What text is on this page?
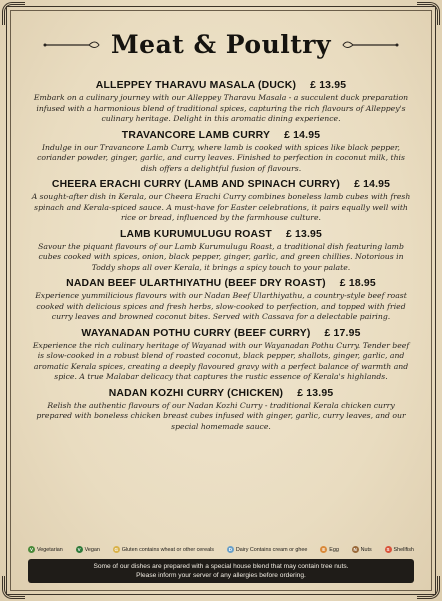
Meat & Poultry
ALLEPPEY THARAVU MASALA (DUCK) £ 13.95
Embark on a culinary journey with our Alleppey Tharavu Masala - a succulent duck preparation infused with a harmonious blend of traditional spices, capturing the rich flavours of Alleppey's culinary heritage. Delight in this aromatic dining experience.
TRAVANCORE LAMB CURRY £ 14.95
Indulge in our Travancore Lamb Curry, where lamb is cooked with spices like black pepper, coriander powder, ginger, garlic, and curry leaves. Finished to perfection in coconut milk, this dish offers a delightful fusion of flavours.
CHEERA ERACHI CURRY (LAMB AND SPINACH CURRY) £ 14.95
A sought-after dish in Kerala, our Cheera Erachi Curry combines boneless lamb cubes with fresh spinach and Kerala-spiced sauce. A must-have for Easter celebrations, it pairs equally well with rice or bread, influenced by the farmhouse culture.
LAMB KURUMULUGU ROAST £ 13.95
Savour the piquant flavours of our Lamb Kurumulugu Roast, a traditional dish featuring lamb cubes cooked with spices, onion, black pepper, ginger, garlic, and green chillies. Notorious in Toddy shops all over Kerala, it brings a spicy touch to your palate.
NADAN BEEF ULARTHIYATHU (BEEF DRY ROAST) £ 18.95
Experience yummilicious flavours with our Nadan Beef Ularthiyathu, a country-style beef roast cooked with delicious spices and fresh herbs, slow-cooked to perfection, and topped with fried curry leaves and browned coconut bites. Served with Cassava for a delectable pairing.
WAYANADAN POTHU CURRY (BEEF CURRY) £ 17.95
Experience the rich culinary heritage of Wayanad with our Wayanadan Pothu Curry. Tender beef is slow-cooked in a robust blend of roasted coconut, black pepper, shallots, ginger, garlic, and aromatic Kerala spices, creating a deeply flavoured gravy with a perfect balance of warmth and spice. A true Malabar delicacy that captures the rustic essence of Kerala's highlands.
NADAN KOZHI CURRY (CHICKEN) £ 13.95
Relish the authentic flavours of our Nadan Kozhi Curry - traditional Kerala chicken curry prepared with boneless chicken breast cubes infused with ginger, garlic, curry leaves, and our special homemade sauce.
V Vegetarian	V Vegan	G Gluten contains wheat or other cereals	D Dairy Contains cream or ghee	E Egg	N Nuts	S Shellfish
Some of our dishes are prepared with a special house blend that may contain tree nuts.
Please inform your server of any allergies before ordering.
